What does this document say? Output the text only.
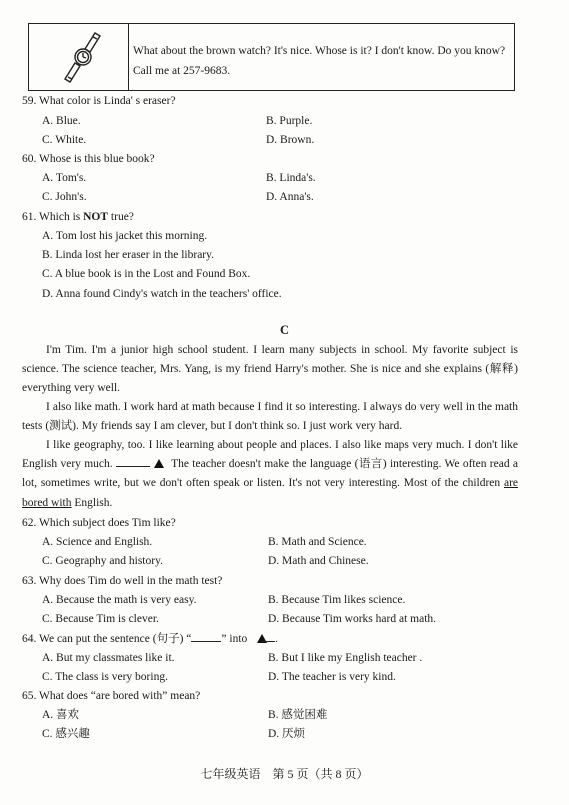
What about the brown watch? It's nice. Whose is it? I don't know. Do you know? Call me at 257-9683.
59. What color is Linda' s eraser?
A. Blue.	B. Purple.
C. White.	D. Brown.
60. Whose is this blue book?
A. Tom's.	B. Linda's.
C. John's.	D. Anna's.
61. Which is NOT true?
A. Tom lost his jacket this morning.
B. Linda lost her eraser in the library.
C. A blue book is in the Lost and Found Box.
D. Anna found Cindy's watch in the teachers' office.
C
I'm Tim. I'm a junior high school student. I learn many subjects in school. My favorite subject is science. The science teacher, Mrs. Yang, is my friend Harry's mother. She is nice and she explains (解释) everything very well.
I also like math. I work hard at math because I find it so interesting. I always do very well in the math tests (测试). My friends say I am clever, but I don't think so. I just work very hard.
I like geography, too. I like learning about people and places. I also like maps very much. I don't like English very much.	The teacher doesn't make the language (语言) interesting. We often read a lot, sometimes write, but we don't often speak or listen. It's not very interesting. Most of the children are bored with English.
62. Which subject does Tim like?
A. Science and English.	B. Math and Science.
C. Geography and history.	D. Math and Chinese.
63. Why does Tim do well in the math test?
A. Because the math is very easy.	B. Because Tim likes science.
C. Because Tim is clever.	D. Because Tim works hard at math.
64. We can put the sentence (句子) “	” into .
A. But my classmates like it.	B. But I like my English teacher .
C. The class is very boring.	D. The teacher is very kind.
65. What does “are bored with” mean?
A. 喜欢	B. 感觉困难
C. 感兴趣	D. 厌烦
七年级英语　第 5 页（共 8 页）
